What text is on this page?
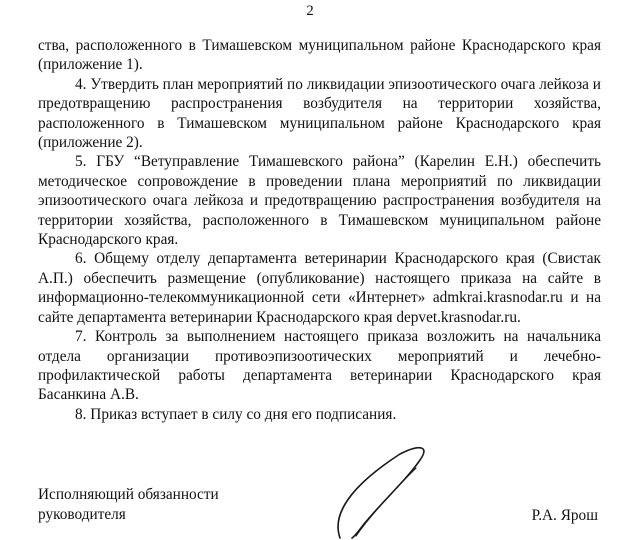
2

ства, расположенного в Тимашевском муниципальном районе Краснодарского края (приложение 1).

4. Утвердить план мероприятий по ликвидации эпизоотического очага лейкоза и предотвращению распространения возбудителя на территории хозяйства, расположенного в Тимашевском муниципальном районе Краснодарского края (приложение 2).

5. ГБУ “Ветуправление Тимашевского района” (Карелин Е.Н.) обеспечить методическое сопровождение в проведении плана мероприятий по ликвидации эпизоотического очага лейкоза и предотвращению распространения возбудителя на территории хозяйства, расположенного в Тимашевском муниципальном районе Краснодарского края.

6. Общему отделу департамента ветеринарии Краснодарского края (Свистак А.П.) обеспечить размещение (опубликование) настоящего приказа на сайте в информационно-телекоммуникационной сети «Интернет» admkrai.krasnodar.ru и на сайте департамента ветеринарии Краснодарского края depvet.krasnodar.ru.

7. Контроль за выполнением настоящего приказа возложить на начальника отдела организации противоэпизоотических мероприятий и лечебно-профилактической работы департамента ветеринарии Краснодарского края Басанкина А.В.

8. Приказ вступает в силу со дня его подписания.

Исполняющий обязанности
руководителя	Р.А. Ярош
